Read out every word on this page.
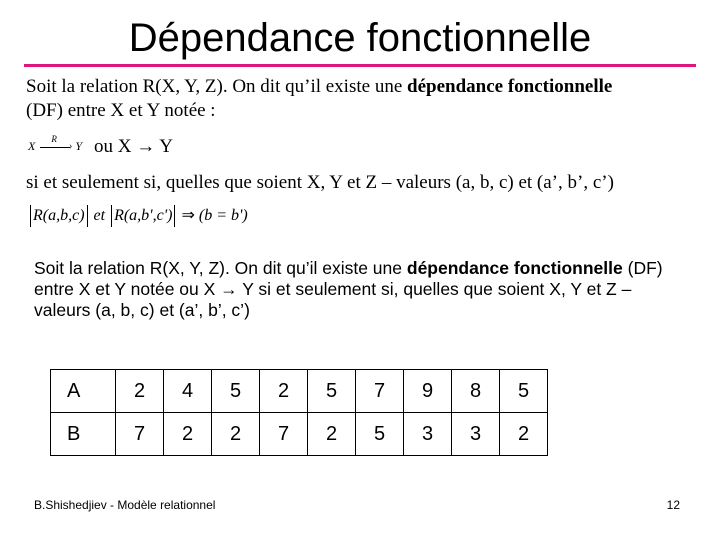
Dépendance fonctionnelle
Soit la relation R(X, Y, Z). On dit qu’il existe une dépendance fonctionnelle
(DF) entre X et Y notée :
X R
› Y ou X → Y
si et seulement si, quelles que soient X, Y et Z – valeurs (a, b, c) et (a’, b’, c’)
R(a,b,c) et R(a,b',c') ⇒ (b = b')
Soit la relation R(X, Y, Z). On dit qu’il existe une dépendance fonctionnelle (DF) entre X et Y notée ou X → Y si et seulement si, quelles que soient X, Y et Z – valeurs (a, b, c) et (a’, b’, c’)
A	2	4	5	2	5	7	9	8	5
B	7	2	2	7	2	5	3	3	2
B.Shishedjiev - Modèle relationnel	12
